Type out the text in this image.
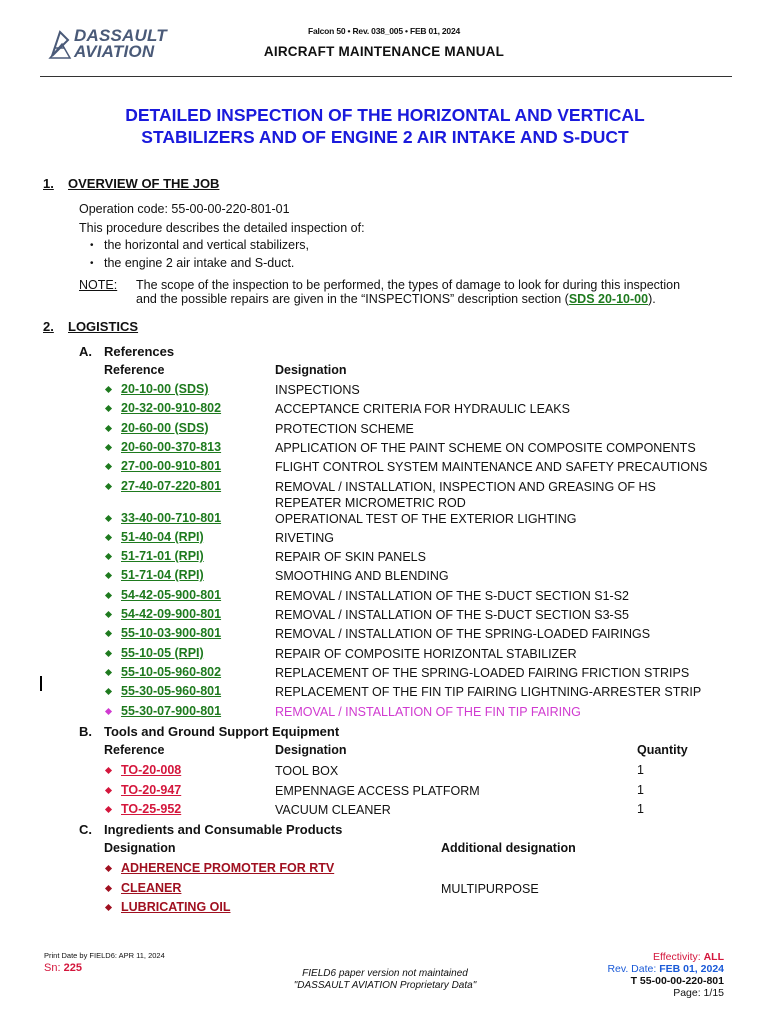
DASSAULT
AVIATION
Falcon 50 • Rev. 038_005 • FEB 01, 2024
AIRCRAFT MAINTENANCE MANUAL
DETAILED INSPECTION OF THE HORIZONTAL AND VERTICAL
STABILIZERS AND OF ENGINE 2 AIR INTAKE AND S-DUCT
1. OVERVIEW OF THE JOB
Operation code: 55-00-00-220-801-01
This procedure describes the detailed inspection of:
• the horizontal and vertical stabilizers,
• the engine 2 air intake and S-duct.
NOTE: The scope of the inspection to be performed, the types of damage to look for during this inspection
and the possible repairs are given in the “INSPECTIONS” description section (SDS 20-10-00).
2. LOGISTICS
A. References
Reference	Designation
20-10-00 (SDS)	INSPECTIONS
20-32-00-910-802	ACCEPTANCE CRITERIA FOR HYDRAULIC LEAKS
20-60-00 (SDS)	PROTECTION SCHEME
20-60-00-370-813	APPLICATION OF THE PAINT SCHEME ON COMPOSITE COMPONENTS
27-00-00-910-801	FLIGHT CONTROL SYSTEM MAINTENANCE AND SAFETY PRECAUTIONS
27-40-07-220-801	REMOVAL / INSTALLATION, INSPECTION AND GREASING OF HS
REPEATER MICROMETRIC ROD
33-40-00-710-801	OPERATIONAL TEST OF THE EXTERIOR LIGHTING
51-40-04 (RPI)	RIVETING
51-71-01 (RPI)	REPAIR OF SKIN PANELS
51-71-04 (RPI)	SMOOTHING AND BLENDING
54-42-05-900-801	REMOVAL / INSTALLATION OF THE S-DUCT SECTION S1-S2
54-42-09-900-801	REMOVAL / INSTALLATION OF THE S-DUCT SECTION S3-S5
55-10-03-900-801	REMOVAL / INSTALLATION OF THE SPRING-LOADED FAIRINGS
55-10-05 (RPI)	REPAIR OF COMPOSITE HORIZONTAL STABILIZER
55-10-05-960-802	REPLACEMENT OF THE SPRING-LOADED FAIRING FRICTION STRIPS
55-30-05-960-801	REPLACEMENT OF THE FIN TIP FAIRING LIGHTNING-ARRESTER STRIP
55-30-07-900-801	REMOVAL / INSTALLATION OF THE FIN TIP FAIRING
B. Tools and Ground Support Equipment
Reference	Designation	Quantity
TO-20-008	TOOL BOX	1
TO-20-947	EMPENNAGE ACCESS PLATFORM	1
TO-25-952	VACUUM CLEANER	1
C. Ingredients and Consumable Products
Designation	Additional designation
ADHERENCE PROMOTER FOR RTV
CLEANER	MULTIPURPOSE
LUBRICATING OIL
Print Date by FIELD6: APR 11, 2024
Sn: 225	FIELD6 paper version not maintained
"DASSAULT AVIATION Proprietary Data"
Effectivity: ALL
Rev. Date: FEB 01, 2024
T 55-00-00-220-801
Page: 1/15
